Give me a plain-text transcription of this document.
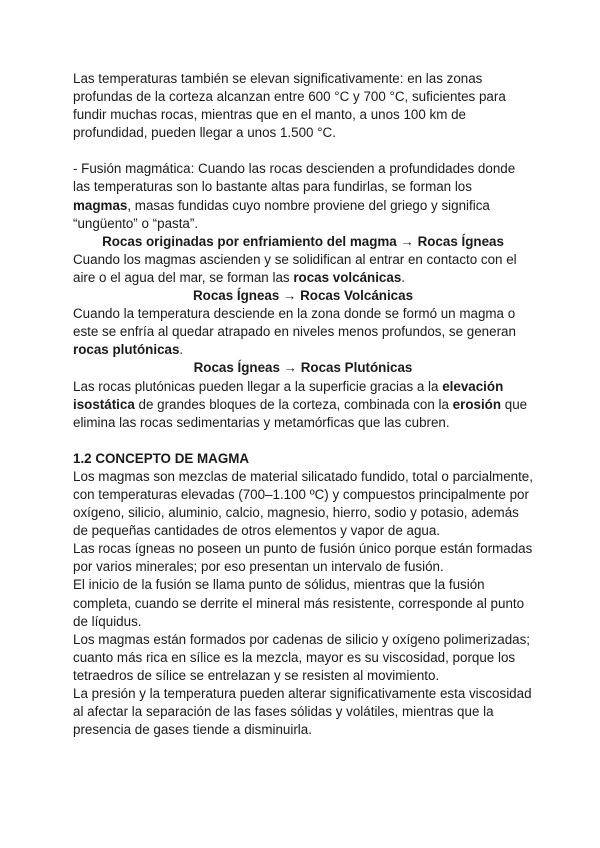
Las temperaturas también se elevan significativamente: en las zonas profundas de la corteza alcanzan entre 600 °C y 700 °C, suficientes para fundir muchas rocas, mientras que en el manto, a unos 100 km de profundidad, pueden llegar a unos 1.500 °C.

- Fusión magmática: Cuando las rocas descienden a profundidades donde las temperaturas son lo bastante altas para fundirlas, se forman los magmas, masas fundidas cuyo nombre proviene del griego y significa “ungüento” o “pasta”.

Rocas originadas por enfriamiento del magma → Rocas Ígneas

Cuando los magmas ascienden y se solidifican al entrar en contacto con el aire o el agua del mar, se forman las rocas volcánicas.

Rocas Ígneas → Rocas Volcánicas

Cuando la temperatura desciende en la zona donde se formó un magma o este se enfría al quedar atrapado en niveles menos profundos, se generan rocas plutónicas.

Rocas Ígneas → Rocas Plutónicas

Las rocas plutónicas pueden llegar a la superficie gracias a la elevación isostática de grandes bloques de la corteza, combinada con la erosión que elimina las rocas sedimentarias y metamórficas que las cubren.

1.2 CONCEPTO DE MAGMA

Los magmas son mezclas de material silicatado fundido, total o parcialmente, con temperaturas elevadas (700–1.100 ºC) y compuestos principalmente por oxígeno, silicio, aluminio, calcio, magnesio, hierro, sodio y potasio, además de pequeñas cantidades de otros elementos y vapor de agua.

Las rocas ígneas no poseen un punto de fusión único porque están formadas por varios minerales; por eso presentan un intervalo de fusión.

El inicio de la fusión se llama punto de sólidus, mientras que la fusión completa, cuando se derrite el mineral más resistente, corresponde al punto de líquidus.

Los magmas están formados por cadenas de silicio y oxígeno polimerizadas; cuanto más rica en sílice es la mezcla, mayor es su viscosidad, porque los tetraedros de sílice se entrelazan y se resisten al movimiento.

La presión y la temperatura pueden alterar significativamente esta viscosidad al afectar la separación de las fases sólidas y volátiles, mientras que la presencia de gases tiende a disminuirla.
